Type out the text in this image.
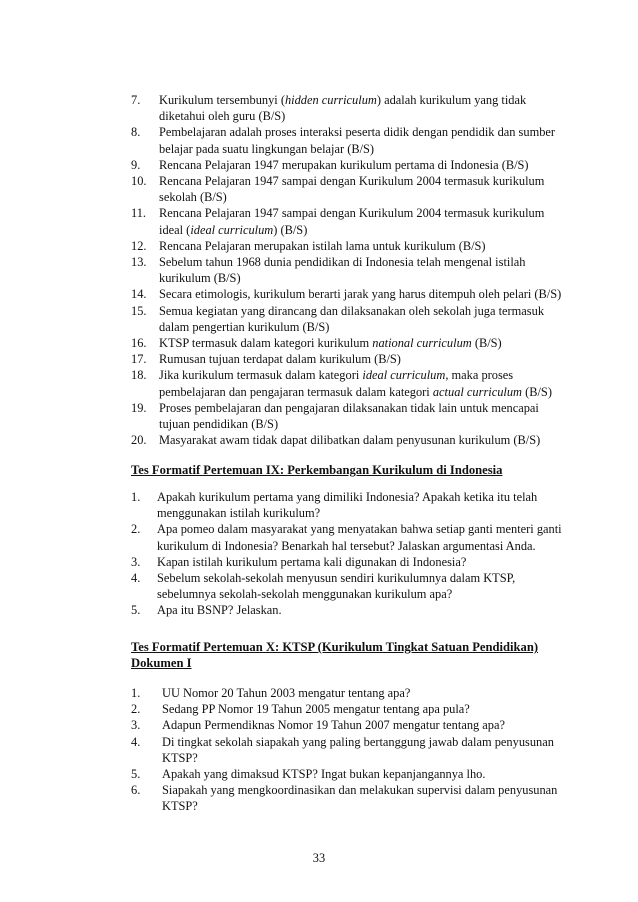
7. Kurikulum tersembunyi (hidden curriculum) adalah kurikulum yang tidak diketahui oleh guru (B/S)
8. Pembelajaran adalah proses interaksi peserta didik dengan pendidik dan sumber belajar pada suatu lingkungan belajar (B/S)
9. Rencana Pelajaran 1947 merupakan kurikulum pertama di Indonesia (B/S)
10. Rencana Pelajaran 1947 sampai dengan Kurikulum 2004 termasuk kurikulum sekolah (B/S)
11. Rencana Pelajaran 1947 sampai dengan Kurikulum 2004 termasuk kurikulum ideal (ideal curriculum) (B/S)
12. Rencana Pelajaran merupakan istilah lama untuk kurikulum (B/S)
13. Sebelum tahun 1968 dunia pendidikan di Indonesia telah mengenal istilah kurikulum (B/S)
14. Secara etimologis, kurikulum berarti jarak yang harus ditempuh oleh pelari (B/S)
15. Semua kegiatan yang dirancang dan dilaksanakan oleh sekolah juga termasuk dalam pengertian kurikulum (B/S)
16. KTSP termasuk dalam kategori kurikulum national curriculum (B/S)
17. Rumusan tujuan terdapat dalam kurikulum (B/S)
18. Jika kurikulum termasuk dalam kategori ideal curriculum, maka proses pembelajaran dan pengajaran termasuk dalam kategori actual curriculum (B/S)
19. Proses pembelajaran dan pengajaran dilaksanakan tidak lain untuk mencapai tujuan pendidikan (B/S)
20. Masyarakat awam tidak dapat dilibatkan dalam penyusunan kurikulum (B/S)
Tes Formatif Pertemuan IX: Perkembangan Kurikulum di Indonesia
1. Apakah kurikulum pertama yang dimiliki Indonesia? Apakah ketika itu telah menggunakan istilah kurikulum?
2. Apa pomeo dalam masyarakat yang menyatakan bahwa setiap ganti menteri ganti kurikulum di Indonesia? Benarkah hal tersebut? Jalaskan argumentasi Anda.
3. Kapan istilah kurikulum pertama kali digunakan di Indonesia?
4. Sebelum sekolah-sekolah menyusun sendiri kurikulumnya dalam KTSP, sebelumnya sekolah-sekolah menggunakan kurikulum apa?
5. Apa itu BSNP? Jelaskan.
Tes Formatif Pertemuan X: KTSP (Kurikulum Tingkat Satuan Pendidikan)
Dokumen I
1. UU Nomor 20 Tahun 2003 mengatur tentang apa?
2. Sedang PP Nomor 19 Tahun 2005 mengatur tentang apa pula?
3. Adapun Permendiknas Nomor 19 Tahun 2007 mengatur tentang apa?
4. Di tingkat sekolah siapakah yang paling bertanggung jawab dalam penyusunan KTSP?
5. Apakah yang dimaksud KTSP? Ingat bukan kepanjangannya lho.
6. Siapakah yang mengkoordinasikan dan melakukan supervisi dalam penyusunan KTSP?
33
